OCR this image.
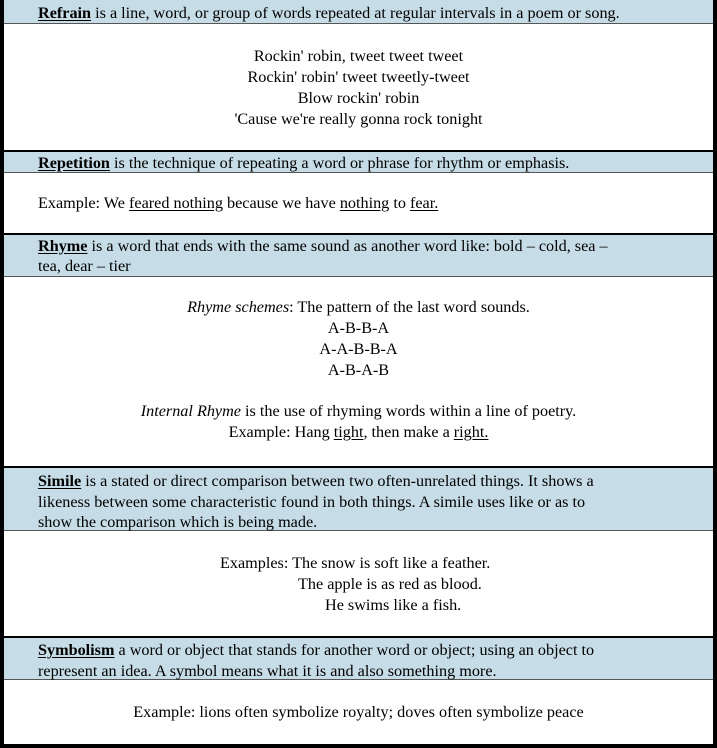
Refrain is a line, word, or group of words repeated at regular intervals in a poem or song.
Rockin' robin, tweet tweet tweet
Rockin' robin' tweet tweetly-tweet
Blow rockin' robin
'Cause we're really gonna rock tonight
Repetition is the technique of repeating a word or phrase for rhythm or emphasis.
Example: We feared nothing because we have nothing to fear.
Rhyme is a word that ends with the same sound as another word like: bold – cold, sea –
tea, dear – tier
Rhyme schemes: The pattern of the last word sounds.
A-B-B-A
A-A-B-B-A
A-B-A-B
Internal Rhyme is the use of rhyming words within a line of poetry.
Example: Hang tight, then make a right.
Simile is a stated or direct comparison between two often-unrelated things. It shows a
likeness between some characteristic found in both things. A simile uses like or as to
show the comparison which is being made.
Examples: The snow is soft like a feather.
The apple is as red as blood.
He swims like a fish.
Symbolism a word or object that stands for another word or object; using an object to
represent an idea. A symbol means what it is and also something more.
Example: lions often symbolize royalty; doves often symbolize peace
